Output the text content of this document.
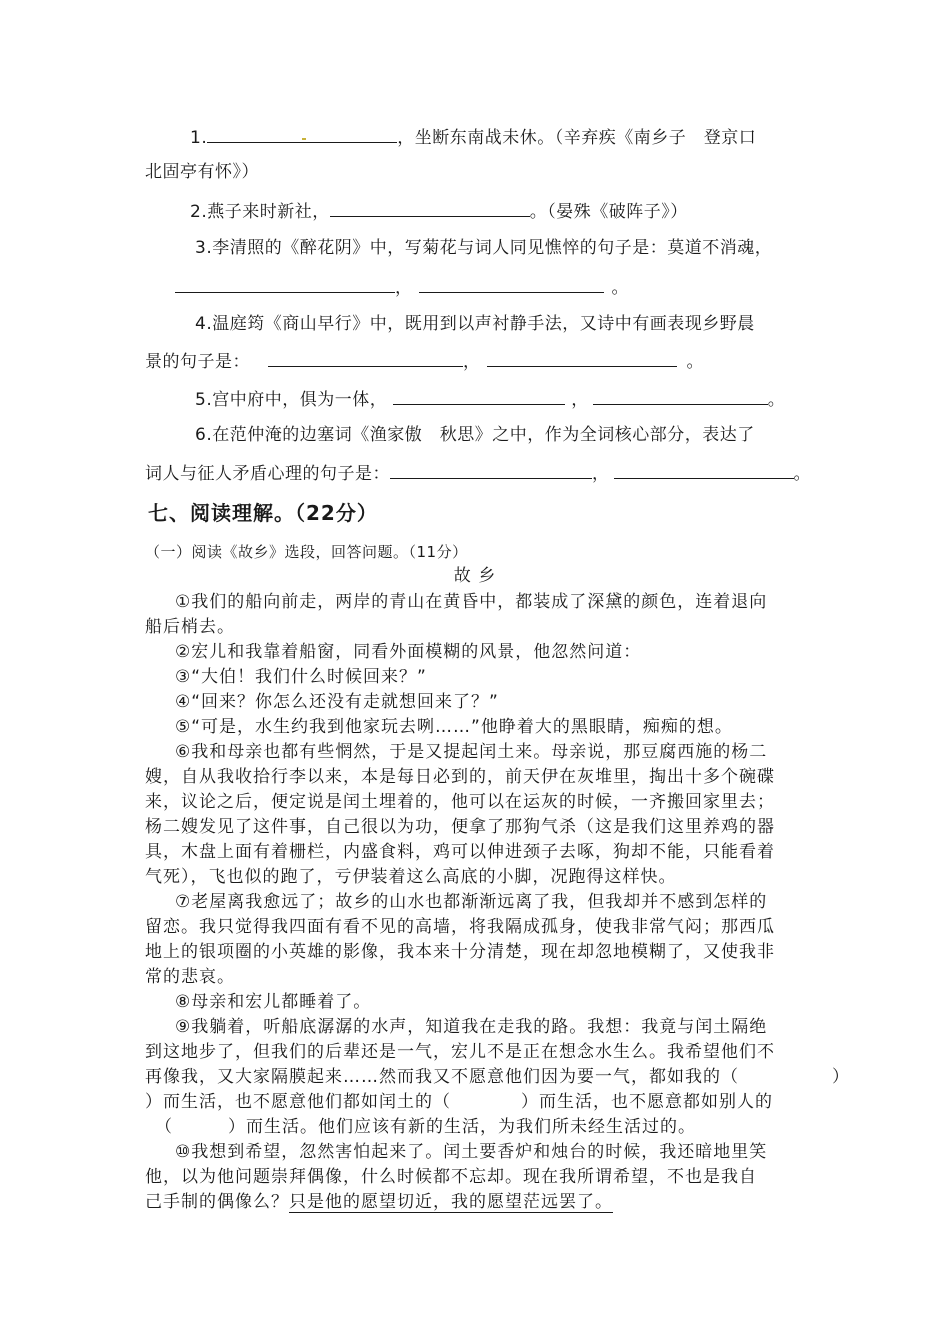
1.	，坐断东南战未休。（辛弃疾《南乡子　登京口
北固亭有怀》）
2.燕子来时新社，	。（晏殊《破阵子》）
3.李清照的《醉花阴》中，写菊花与词人同见憔悴的句子是：莫道不消魂，
，	。
4.温庭筠《商山早行》中，既用到以声衬静手法，又诗中有画表现乡野晨
景的句子是：	，	。
5.宫中府中，俱为一体，	，	。
6.在范仲淹的边塞词《渔家傲　秋思》之中，作为全词核心部分，表达了
词人与征人矛盾心理的句子是：	，	。
七、阅读理解。（22分）
（一）阅读《故乡》选段，回答问题。（11分）
故 乡
①我们的船向前走，两岸的青山在黄昏中，都装成了深黛的颜色，连着退向
船后梢去。
②宏儿和我靠着船窗，同看外面模糊的风景，他忽然问道：
③“大伯！我们什么时候回来？”
④“回来？你怎么还没有走就想回来了？”
⑤“可是，水生约我到他家玩去咧……”他睁着大的黑眼睛，痴痴的想。
⑥我和母亲也都有些惘然，于是又提起闰土来。母亲说，那豆腐西施的杨二
嫂，自从我收拾行李以来，本是每日必到的，前天伊在灰堆里，掏出十多个碗碟
来，议论之后，便定说是闰土埋着的，他可以在运灰的时候，一齐搬回家里去；
杨二嫂发见了这件事，自己很以为功，便拿了那狗气杀（这是我们这里养鸡的器
具，木盘上面有着栅栏，内盛食料，鸡可以伸进颈子去啄，狗却不能，只能看着
气死），飞也似的跑了，亏伊装着这么高底的小脚，况跑得这样快。
⑦老屋离我愈远了；故乡的山水也都渐渐远离了我，但我却并不感到怎样的
留恋。我只觉得我四面有看不见的高墙，将我隔成孤身，使我非常气闷；那西瓜
地上的银项圈的小英雄的影像，我本来十分清楚，现在却忽地模糊了，又使我非
常的悲哀。
⑧母亲和宏儿都睡着了。
⑨我躺着，听船底潺潺的水声，知道我在走我的路。我想：我竟与闰土隔绝
到这地步了，但我们的后辈还是一气，宏儿不是正在想念水生么。我希望他们不
再像我，又大家隔膜起来……然而我又不愿意他们因为要一气，都如我的（	）
）而生活，也不愿意他们都如闰土的（	）而生活，也不愿意都如别人的
（	）而生活。他们应该有新的生活，为我们所未经生活过的。
⑩我想到希望，忽然害怕起来了。闰土要香炉和烛台的时候，我还暗地里笑
他，以为他问题崇拜偶像，什么时候都不忘却。现在我所谓希望，不也是我自
己手制的偶像么？只是他的愿望切近，我的愿望茫远罢了。
